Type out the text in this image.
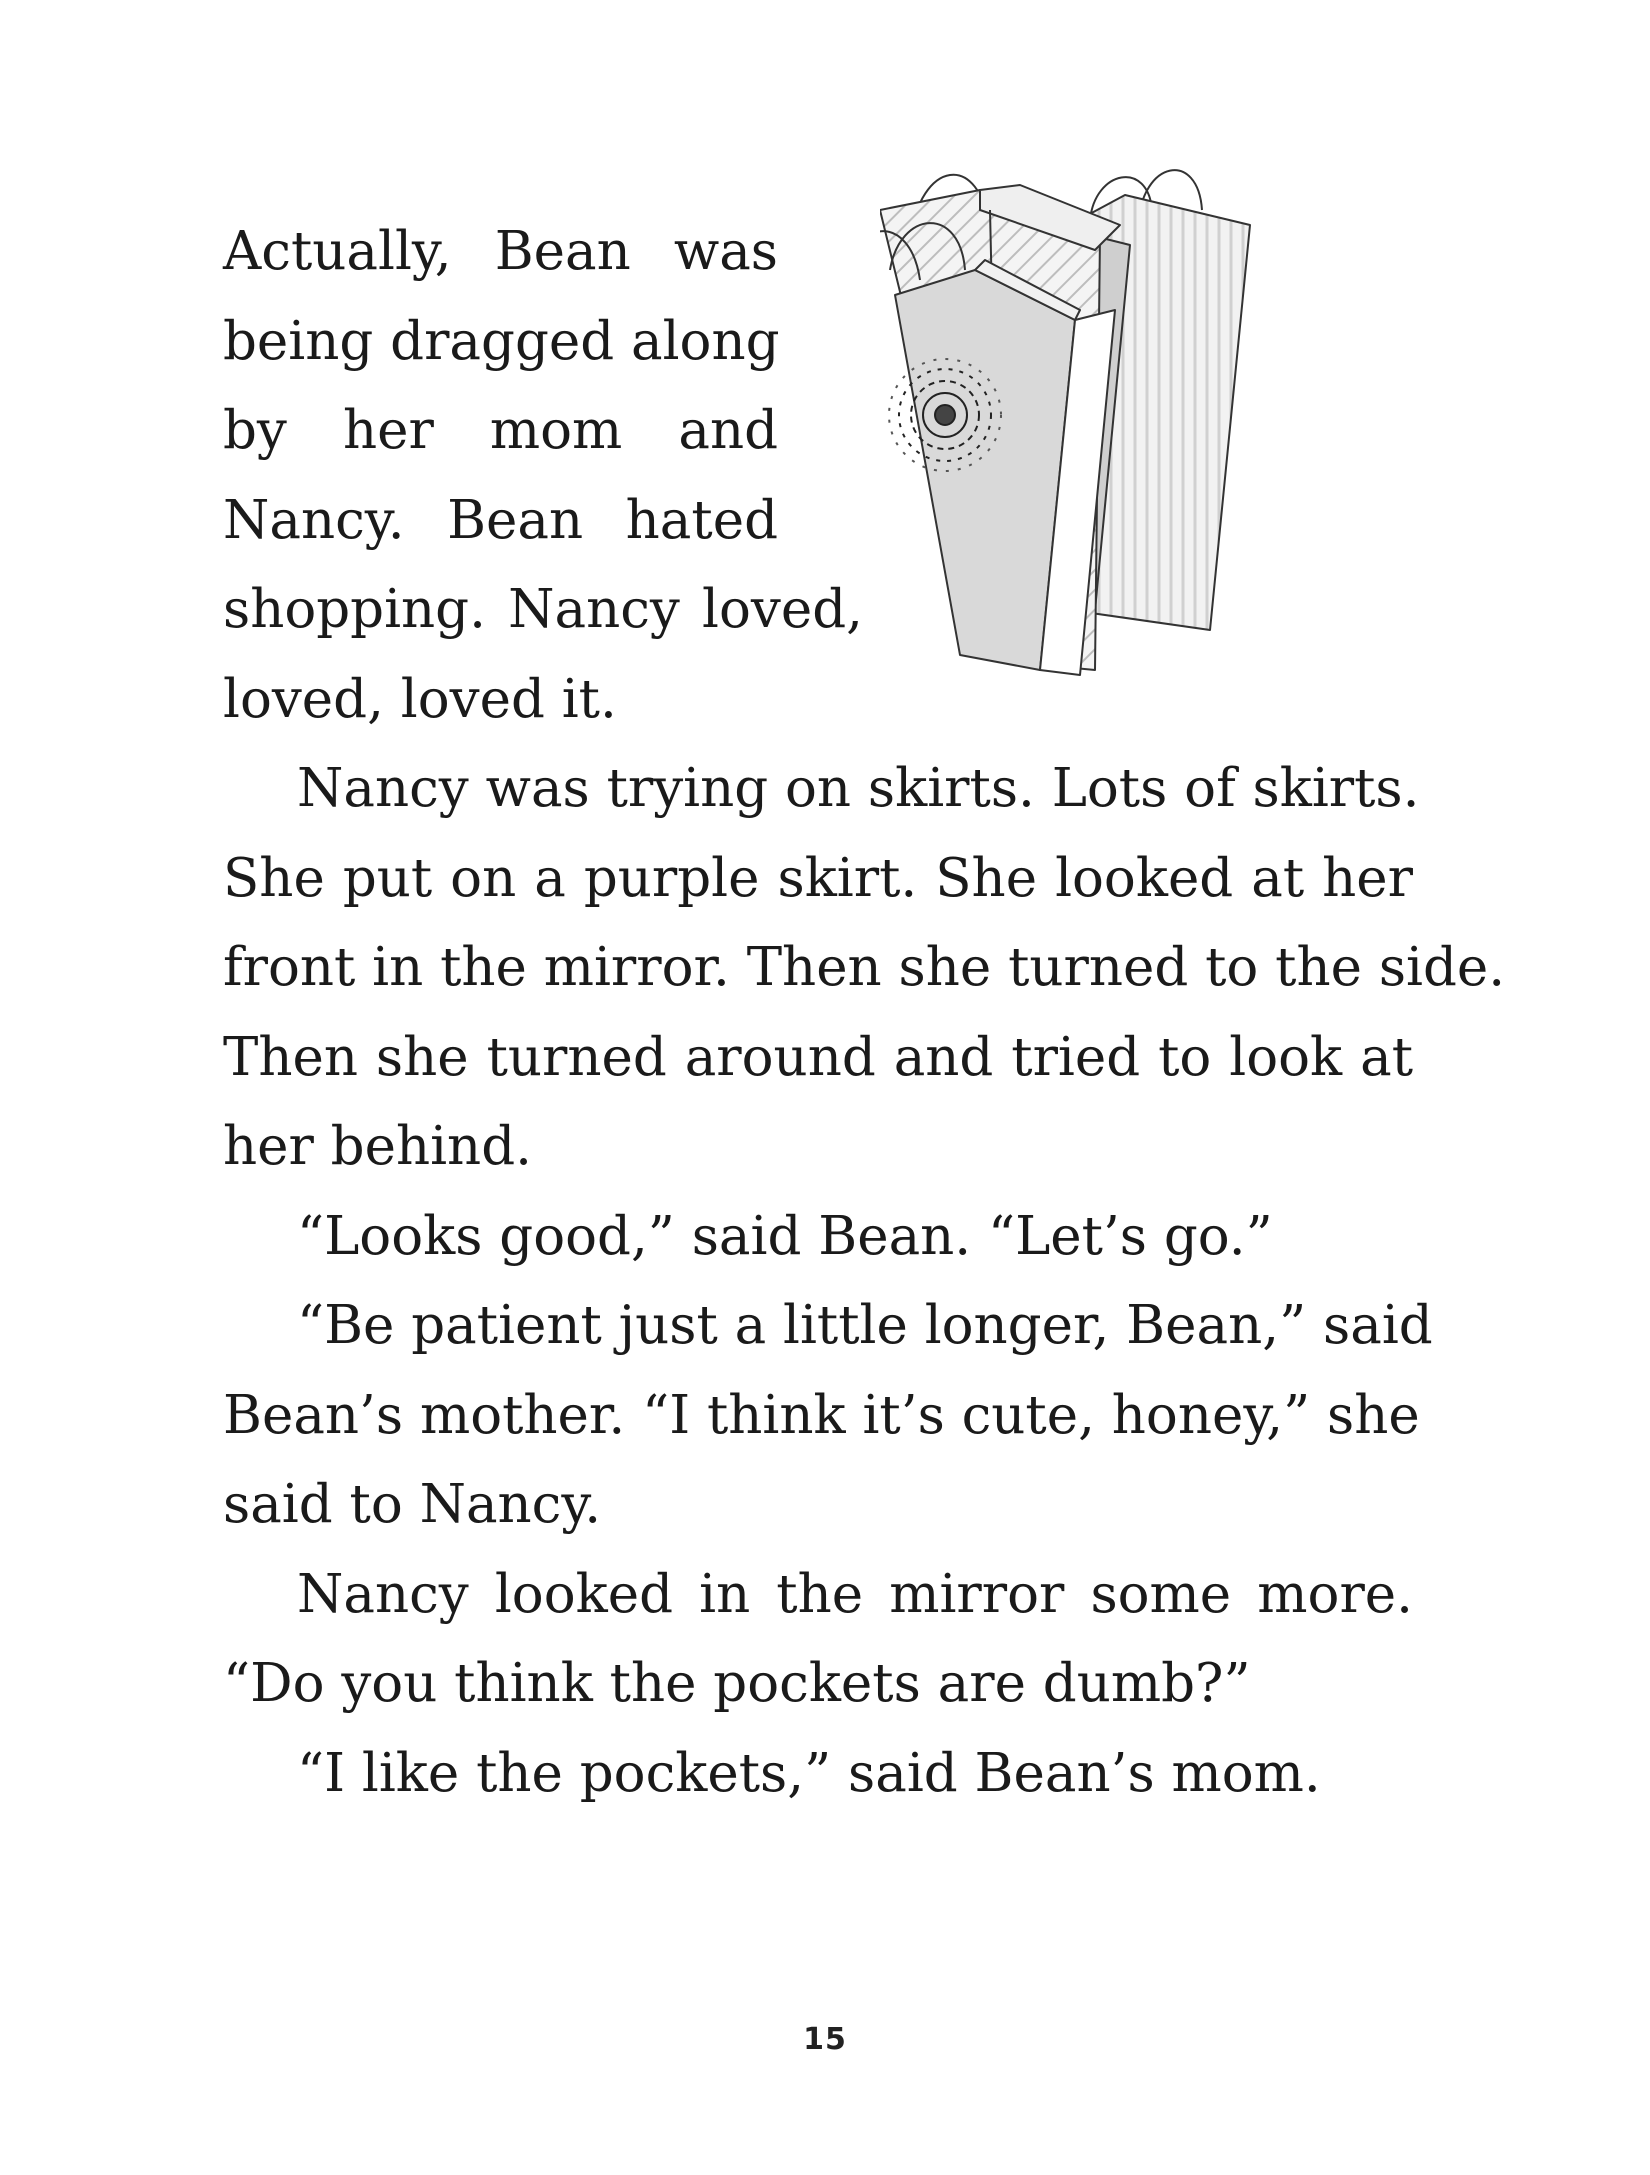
Actually, Bean was
being dragged along
by her mom and
Nancy. Bean hated
shopping. Nancy loved,
loved, loved it.
Nancy was trying on skirts. Lots of skirts.
She put on a purple skirt. She looked at her
front in the mirror. Then she turned to the side.
Then she turned around and tried to look at
her behind.
“Looks good,” said Bean. “Let’s go.”
“Be patient just a little longer, Bean,” said
Bean’s mother. “I think it’s cute, honey,” she
said to Nancy.
Nancy looked in the mirror some more.
“Do you think the pockets are dumb?”
“I like the pockets,” said Bean’s mom.
15
